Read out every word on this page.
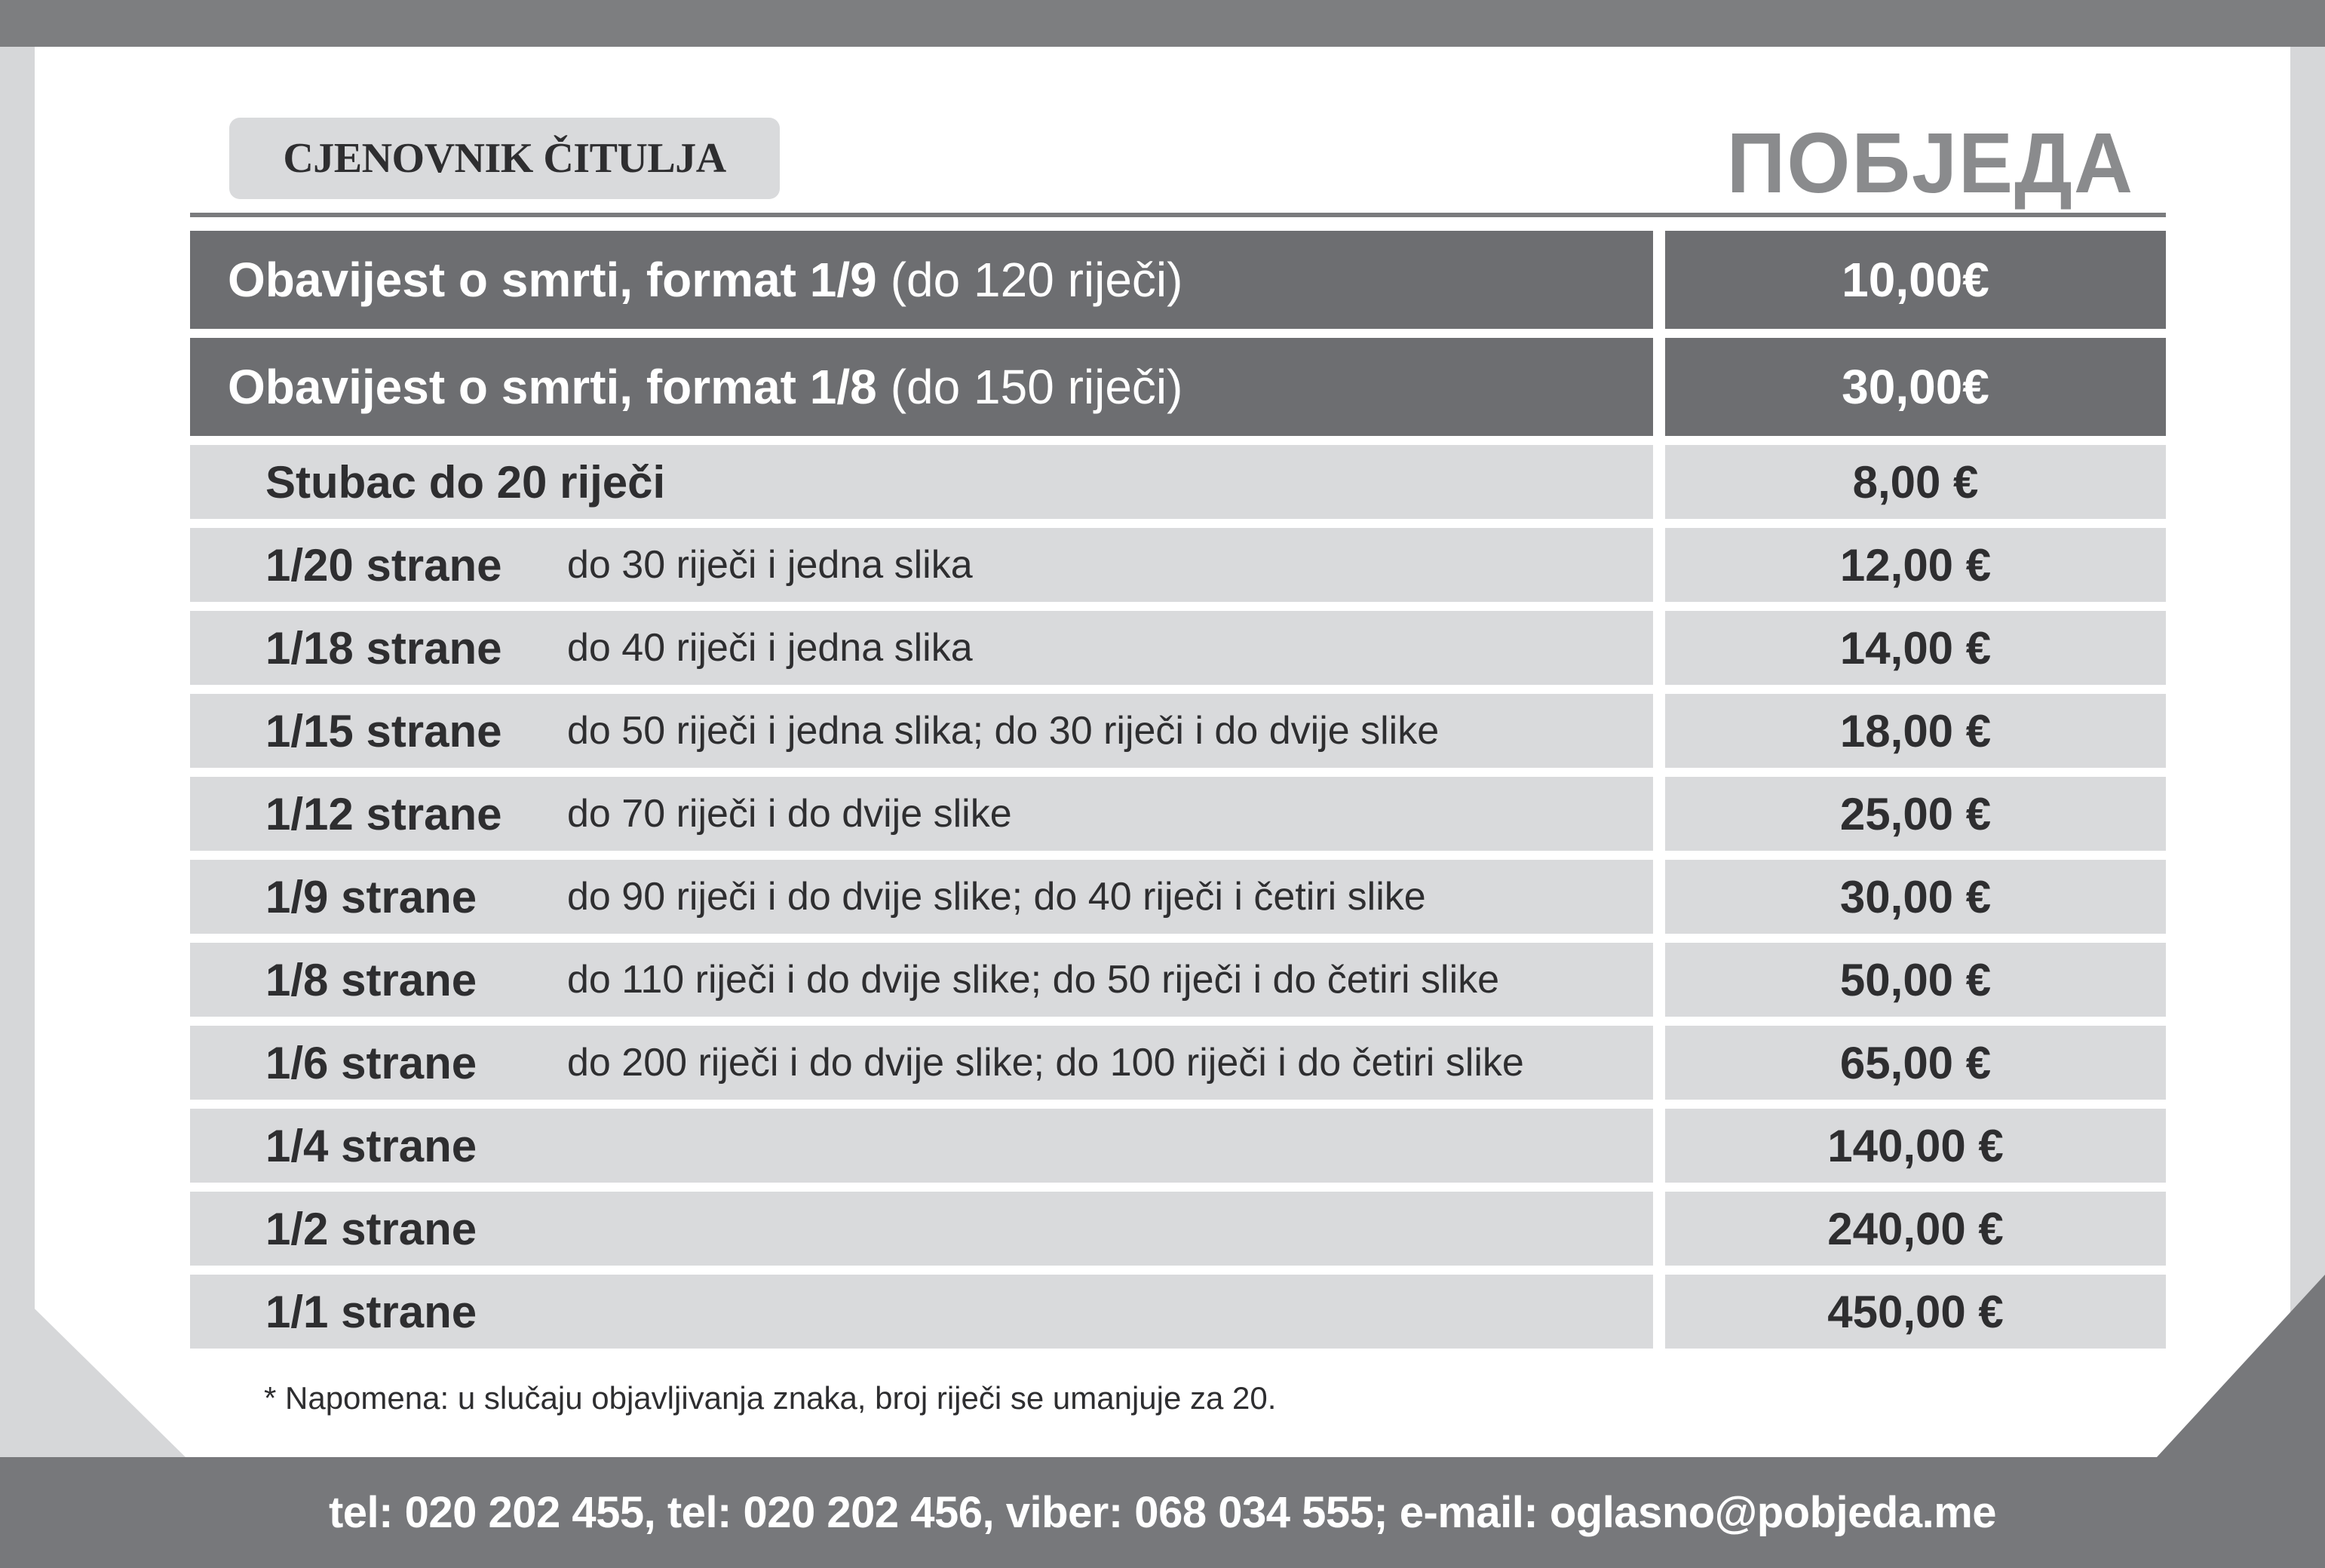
CJENOVNIK ČITULJA	ПОБЈЕДА
Obavijest o smrti, format 1/9 (do 120 riječi)	10,00€
Obavijest o smrti, format 1/8 (do 150 riječi)	30,00€
Stubac do 20 riječi	8,00 €
1/20 strane	do 30 riječi i jedna slika	12,00 €
1/18 strane	do 40 riječi i jedna slika	14,00 €
1/15 strane	do 50 riječi i jedna slika; do 30 riječi i do dvije slike	18,00 €
1/12 strane	do 70 riječi i do dvije slike	25,00 €
1/9 strane	do 90 riječi i do dvije slike; do 40 riječi i četiri slike	30,00 €
1/8 strane	do 110 riječi i do dvije slike; do 50 riječi i do četiri slike	50,00 €
1/6 strane	do 200 riječi i do dvije slike; do 100 riječi i do četiri slike	65,00 €
1/4 strane	140,00 €
1/2 strane	240,00 €
1/1 strane	450,00 €
* Napomena: u slučaju objavljivanja znaka, broj riječi se umanjuje za 20.
tel: 020 202 455, tel: 020 202 456, viber: 068 034 555; e-mail: oglasno@pobjeda.me
